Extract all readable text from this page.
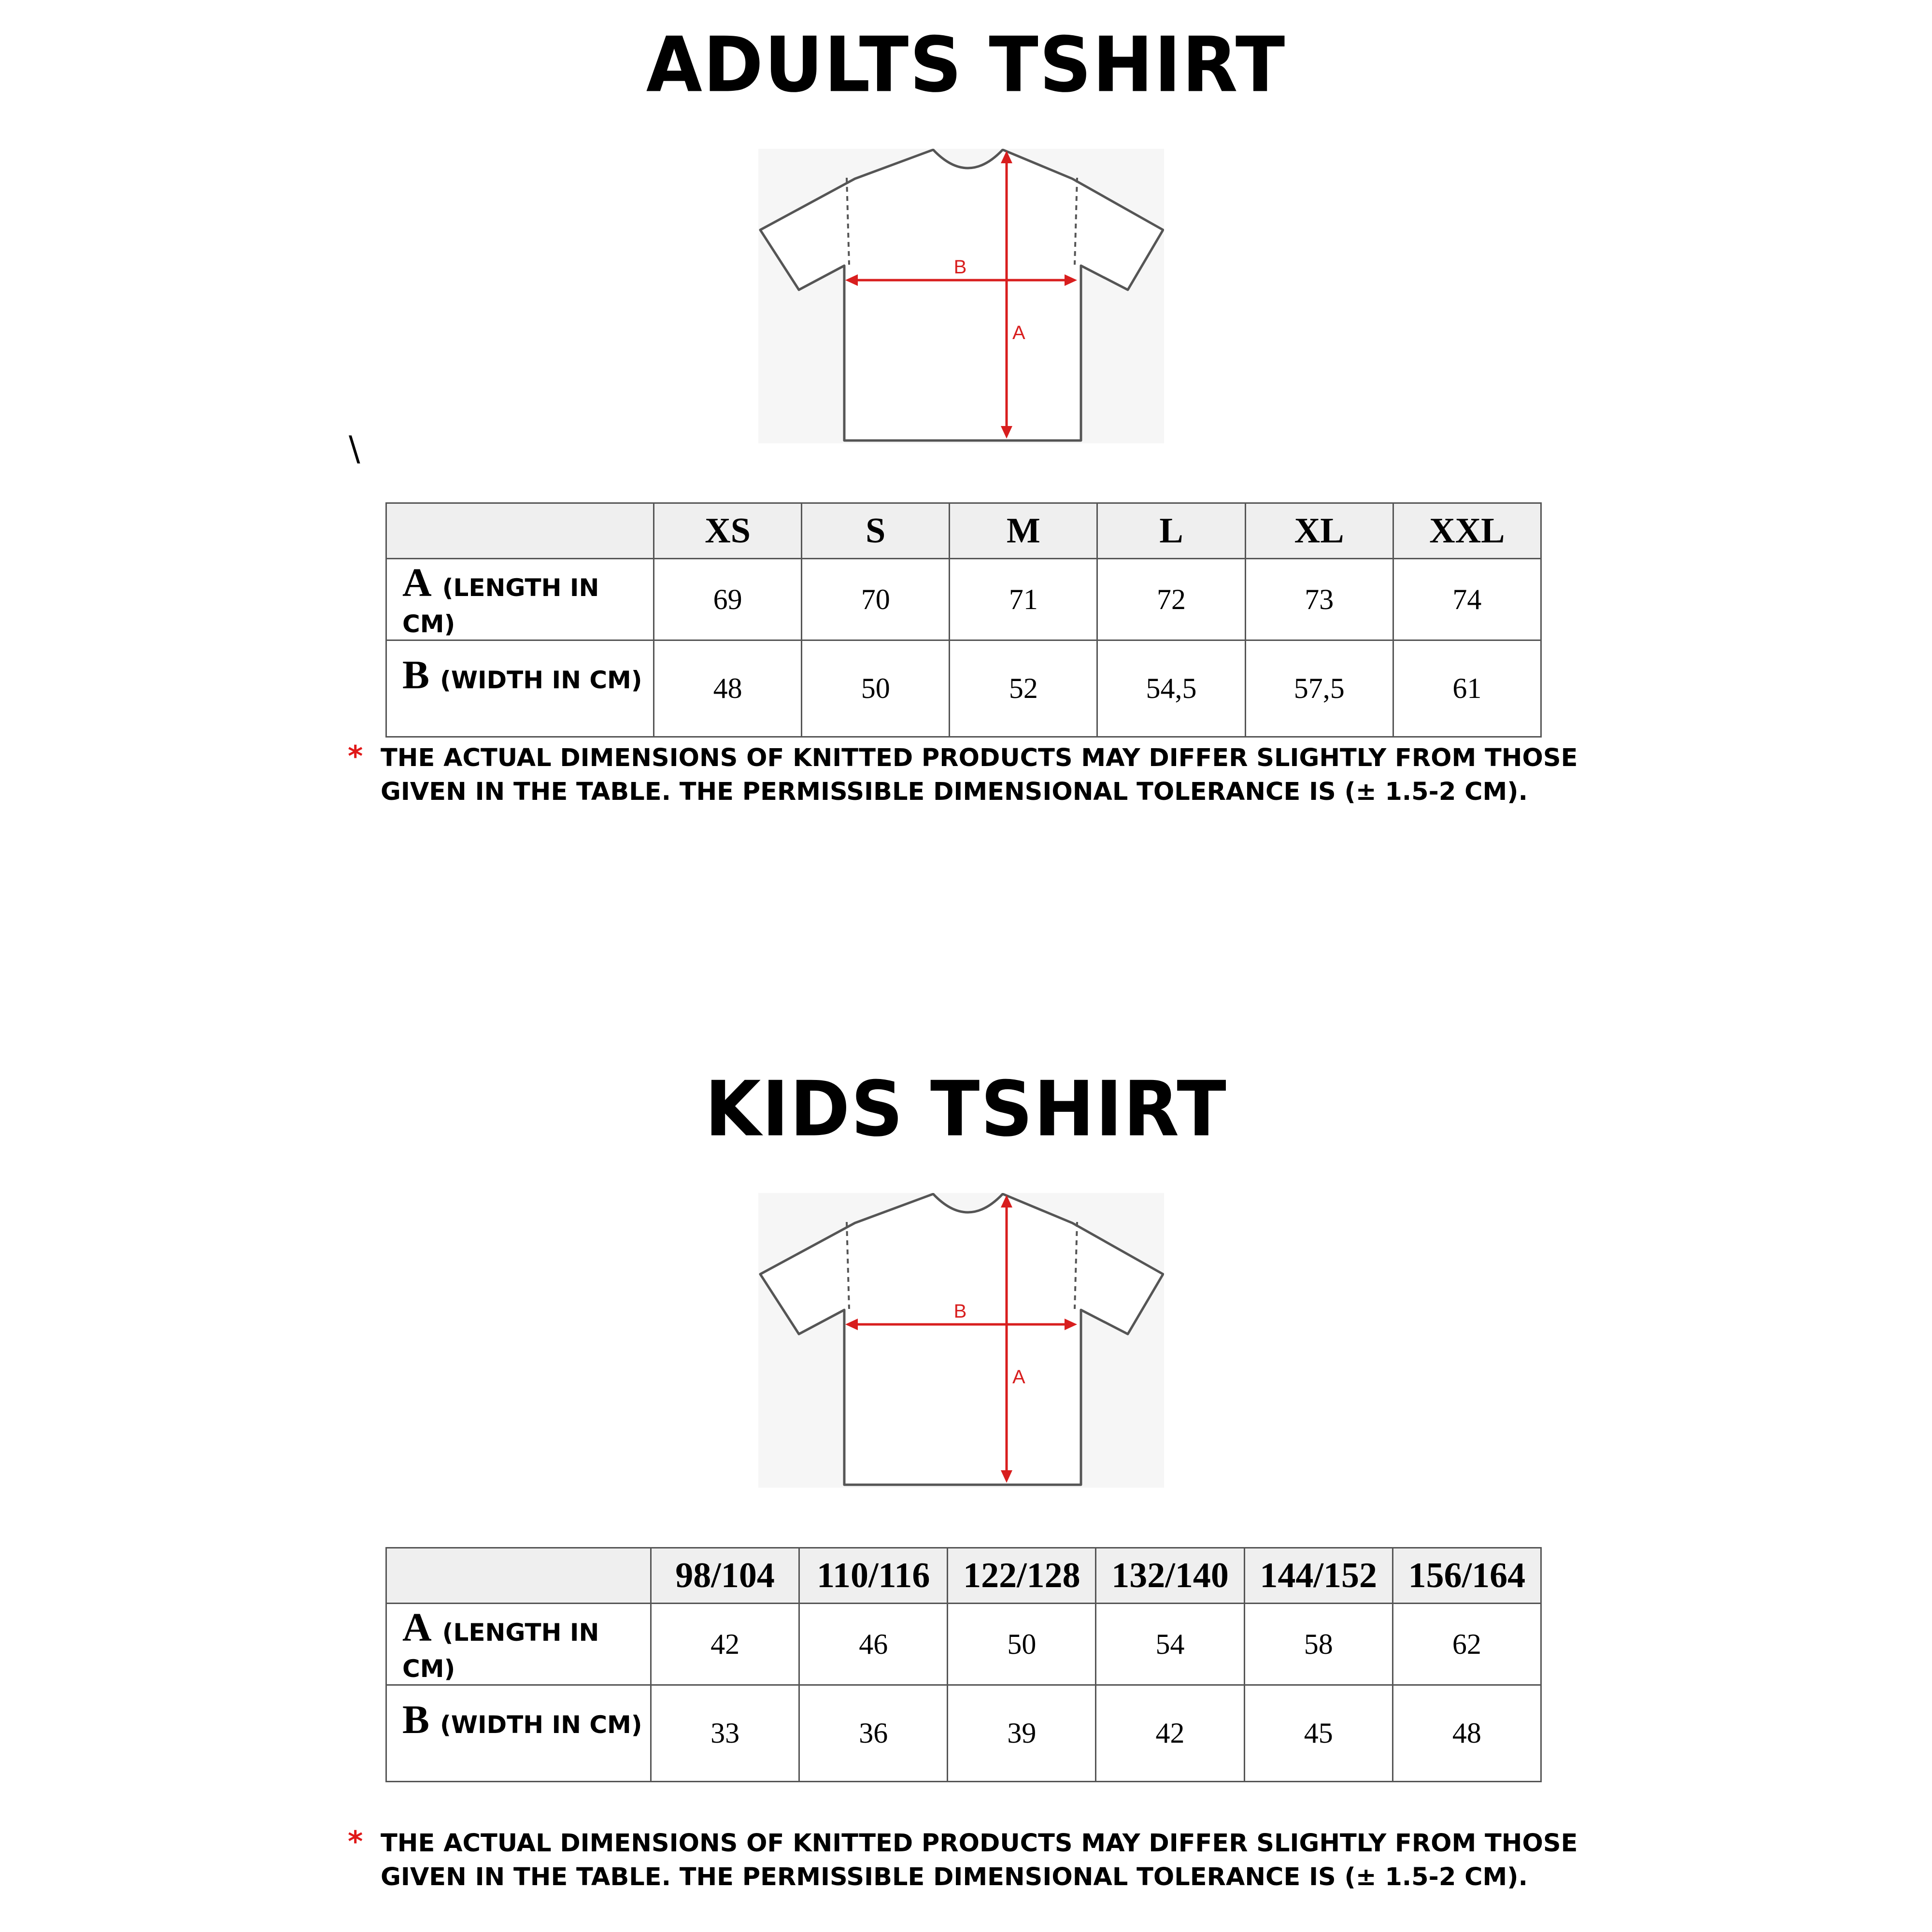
ADULTS TSHIRT
B
A
\
	XS	S	M	L	XL	XXL
A (LENGTH IN CM)	69	70	71	72	73	74
B (WIDTH IN CM)	48	50	52	54,5	57,5	61
* THE ACTUAL DIMENSIONS OF KNITTED PRODUCTS MAY DIFFER SLIGHTLY FROM THOSE GIVEN IN THE TABLE. THE PERMISSIBLE DIMENSIONAL TOLERANCE IS (± 1.5-2 CM).
KIDS TSHIRT
B
A
	98/104	110/116	122/128	132/140	144/152	156/164
A (LENGTH IN CM)	42	46	50	54	58	62
B (WIDTH IN CM)	33	36	39	42	45	48
* THE ACTUAL DIMENSIONS OF KNITTED PRODUCTS MAY DIFFER SLIGHTLY FROM THOSE GIVEN IN THE TABLE. THE PERMISSIBLE DIMENSIONAL TOLERANCE IS (± 1.5-2 CM).
